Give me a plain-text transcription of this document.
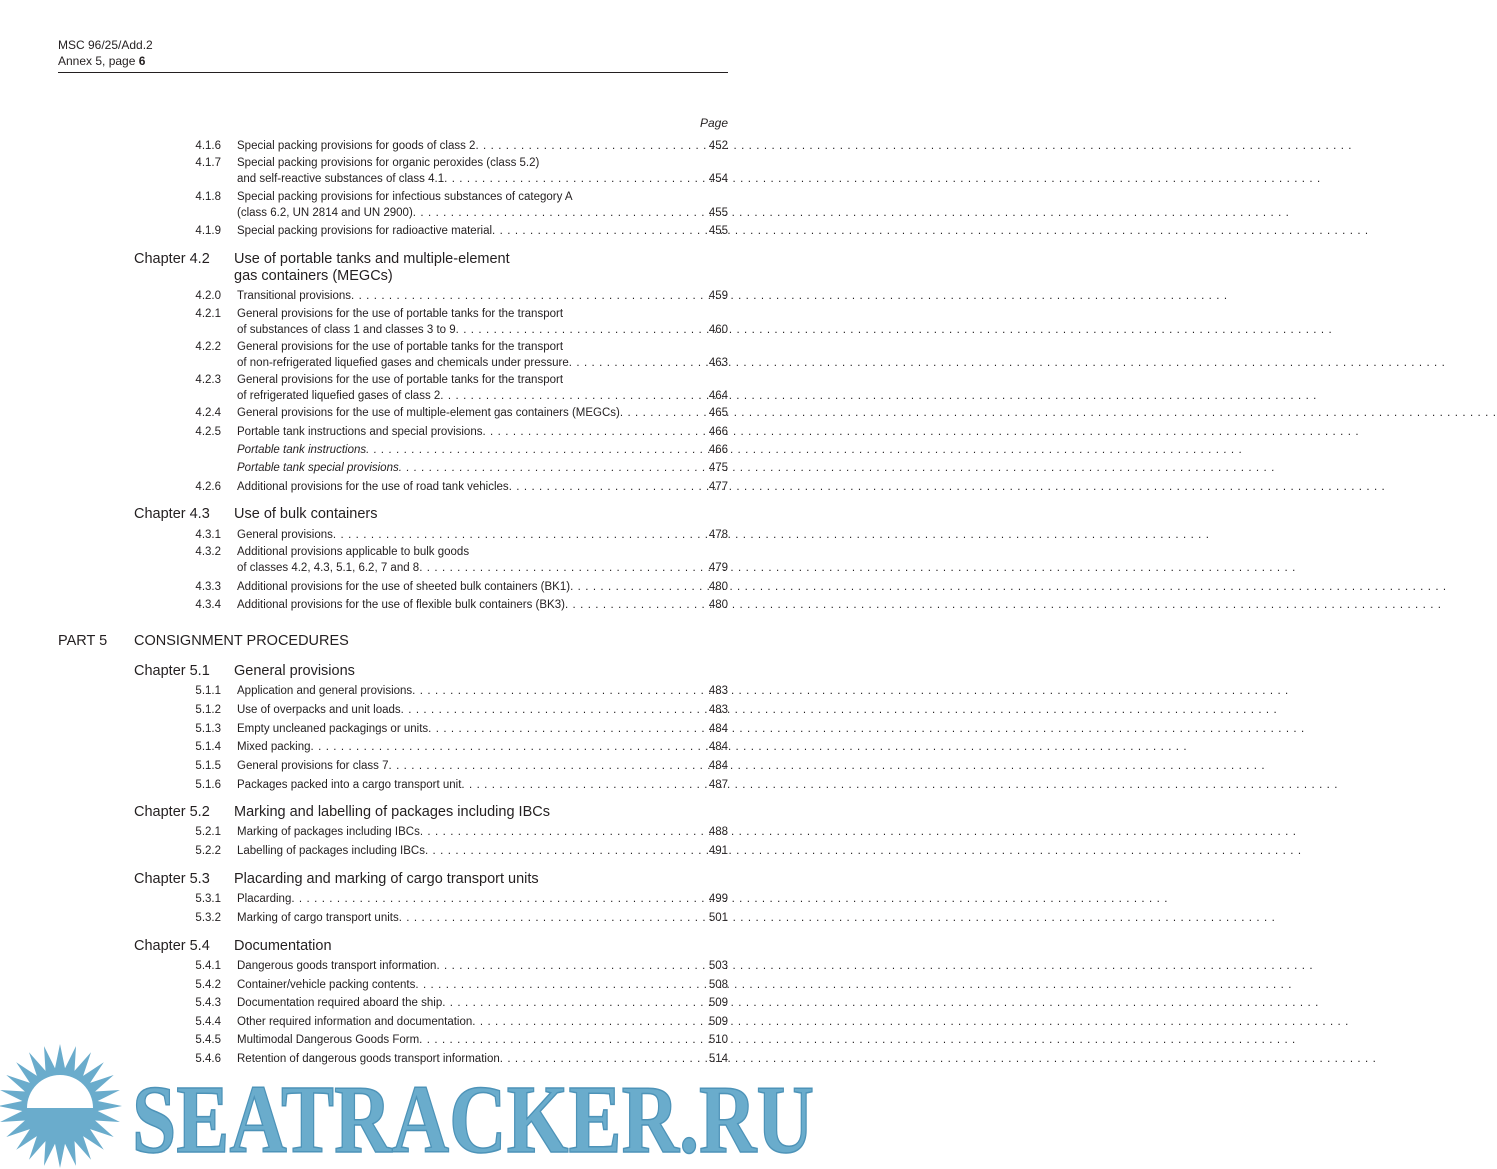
MSC 96/25/Add.2
Annex 5, page 6
Page
4.1.6 Special packing provisions for goods of class 2 . . .	452
4.1.7 Special packing provisions for organic peroxides (class 5.2)
and self-reactive substances of class 4.1 . . .	454
4.1.8 Special packing provisions for infectious substances of category A
(class 6.2, UN 2814 and UN 2900) . . .	455
4.1.9 Special packing provisions for radioactive material . . .	455
Chapter 4.2 Use of portable tanks and multiple-element
gas containers (MEGCs)
4.2.0 Transitional provisions . . .	459
4.2.1 General provisions for the use of portable tanks for the transport
of substances of class 1 and classes 3 to 9 . . .	460
4.2.2 General provisions for the use of portable tanks for the transport
of non-refrigerated liquefied gases and chemicals under pressure . . .	463
4.2.3 General provisions for the use of portable tanks for the transport
of refrigerated liquefied gases of class 2 . . .	464
4.2.4 General provisions for the use of multiple-element gas containers (MEGCs) . . .	465
4.2.5 Portable tank instructions and special provisions . . .	466
Portable tank instructions . . .	466
Portable tank special provisions . . .	475
4.2.6 Additional provisions for the use of road tank vehicles . . .	477
Chapter 4.3 Use of bulk containers
4.3.1 General provisions . . .	478
4.3.2 Additional provisions applicable to bulk goods
of classes 4.2, 4.3, 5.1, 6.2, 7 and 8 . . .	479
4.3.3 Additional provisions for the use of sheeted bulk containers (BK1) . . .	480
4.3.4 Additional provisions for the use of flexible bulk containers (BK3) . . .	480
PART 5 CONSIGNMENT PROCEDURES
Chapter 5.1 General provisions
5.1.1 Application and general provisions . . .	483
5.1.2 Use of overpacks and unit loads . . .	483
5.1.3 Empty uncleaned packagings or units . . .	484
5.1.4 Mixed packing . . .	484
5.1.5 General provisions for class 7 . . .	484
5.1.6 Packages packed into a cargo transport unit . . .	487
Chapter 5.2 Marking and labelling of packages including IBCs
5.2.1 Marking of packages including IBCs . . .	488
5.2.2 Labelling of packages including IBCs . . .	491
Chapter 5.3 Placarding and marking of cargo transport units
5.3.1 Placarding . . .	499
5.3.2 Marking of cargo transport units . . .	501
Chapter 5.4 Documentation
5.4.1 Dangerous goods transport information . . .	503
5.4.2 Container/vehicle packing contents . . .	508
5.4.3 Documentation required aboard the ship . . .	509
5.4.4 Other required information and documentation . . .	509
5.4.5 Multimodal Dangerous Goods Form . . .	510
5.4.6 Retention of dangerous goods transport information . . .	514
SEATRACKER.RU
